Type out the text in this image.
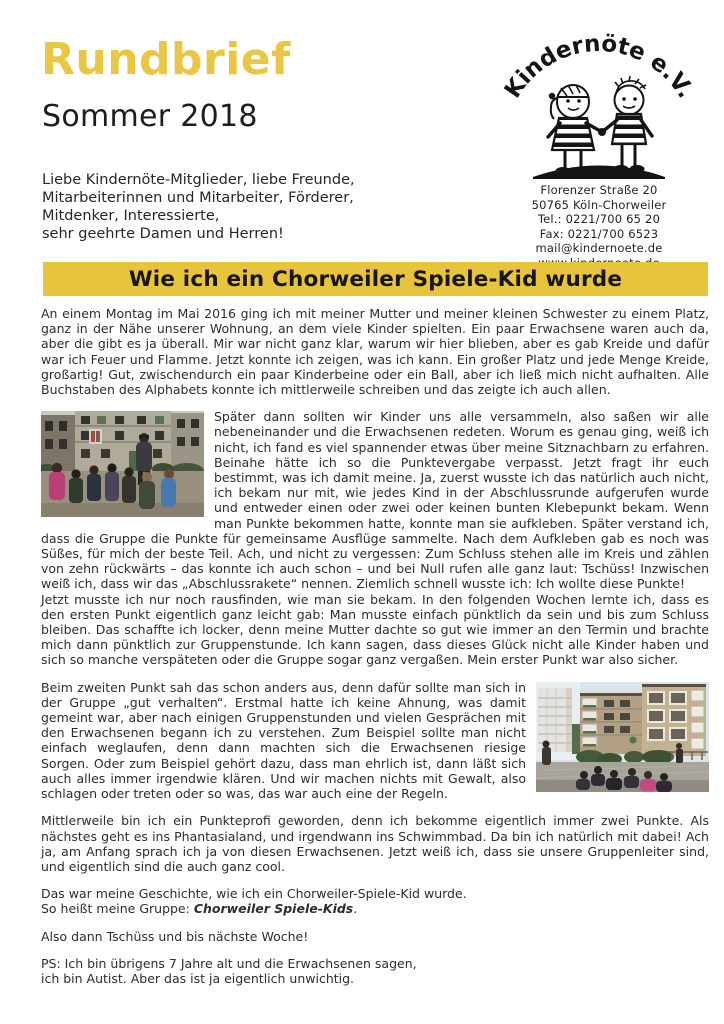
Rundbrief
Sommer 2018
Liebe Kindernöte-Mitglieder, liebe Freunde,
Mitarbeiterinnen und Mitarbeiter, Förderer,
Mitdenker, Interessierte,
sehr geehrte Damen und Herren!
Kindernöte e.V.
Florenzer Straße 20
50765 Köln-Chorweiler
Tel.: 0221/700 65 20
Fax: 0221/700 6523
mail@kindernoete.de
Wie ich ein Chorweiler Spiele-Kid wurde

An einem Montag im Mai 2016 ging ich mit meiner Mutter und meiner kleinen Schwester zu einem Platz, ganz in der Nähe unserer Wohnung, an dem viele Kinder spielten. Ein paar Erwachsene waren auch da, aber die gibt es ja überall. Mir war nicht ganz klar, warum wir hier blieben, aber es gab Kreide und dafür war ich Feuer und Flamme. Jetzt konnte ich zeigen, was ich kann. Ein großer Platz und jede Menge Kreide, großartig! Gut, zwischendurch ein paar Kinderbeine oder ein Ball, aber ich ließ mich nicht aufhalten. Alle Buchstaben des Alphabets konnte ich mittlerweile schreiben und das zeigte ich auch allen.

Später dann sollten wir Kinder uns alle versammeln, also saßen wir alle nebeneinander und die Erwachsenen redeten. Worum es genau ging, weiß ich nicht, ich fand es viel spannender etwas über meine Sitznachbarn zu erfahren. Beinahe hätte ich so die Punktevergabe verpasst. Jetzt fragt ihr euch bestimmt, was ich damit meine. Ja, zuerst wusste ich das natürlich auch nicht, ich bekam nur mit, wie jedes Kind in der Abschlussrunde aufgerufen wurde und entweder einen oder zwei oder keinen bunten Klebepunkt bekam. Wenn man Punkte bekommen hatte, konnte man sie aufkleben. Später verstand ich, dass die Gruppe die Punkte für gemeinsame Ausflüge sammelte. Nach dem Aufkleben gab es noch was Süßes, für mich der beste Teil. Ach, und nicht zu vergessen: Zum Schluss stehen alle im Kreis und zählen von zehn rückwärts – das konnte ich auch schon – und bei Null rufen alle ganz laut: Tschüss! Inzwischen weiß ich, dass wir das „Abschlussrakete“ nennen. Ziemlich schnell wusste ich: Ich wollte diese Punkte!
Jetzt musste ich nur noch rausfinden, wie man sie bekam. In den folgenden Wochen lernte ich, dass es den ersten Punkt eigentlich ganz leicht gab: Man musste einfach pünktlich da sein und bis zum Schluss bleiben. Das schaffte ich locker, denn meine Mutter dachte so gut wie immer an den Termin und brachte mich dann pünktlich zur Gruppenstunde. Ich kann sagen, dass dieses Glück nicht alle Kinder haben und sich so manche verspäteten oder die Gruppe sogar ganz vergaßen. Mein erster Punkt war also sicher.

Beim zweiten Punkt sah das schon anders aus, denn dafür sollte man sich in der Gruppe „gut verhalten“. Erstmal hatte ich keine Ahnung, was damit gemeint war, aber nach einigen Gruppenstunden und vielen Gesprächen mit den Erwachsenen begann ich zu verstehen. Zum Beispiel sollte man nicht einfach weglaufen, denn dann machten sich die Erwachsenen riesige Sorgen. Oder zum Beispiel gehört dazu, dass man ehrlich ist, dann läßt sich auch alles immer irgendwie klären. Und wir machen nichts mit Gewalt, also schlagen oder treten oder so was, das war auch eine der Regeln.

Mittlerweile bin ich ein Punkteprofi geworden, denn ich bekomme eigentlich immer zwei Punkte. Als nächstes geht es ins Phantasialand, und irgendwann ins Schwimmbad. Da bin ich natürlich mit dabei! Ach ja, am Anfang sprach ich ja von diesen Erwachsenen. Jetzt weiß ich, dass sie unsere Gruppenleiter sind, und eigentlich sind die auch ganz cool.

Das war meine Geschichte, wie ich ein Chorweiler-Spiele-Kid wurde.
So heißt meine Gruppe: Chorweiler Spiele-Kids.

Also dann Tschüss und bis nächste Woche!

PS: Ich bin übrigens 7 Jahre alt und die Erwachsenen sagen,
ich bin Autist. Aber das ist ja eigentlich unwichtig.
